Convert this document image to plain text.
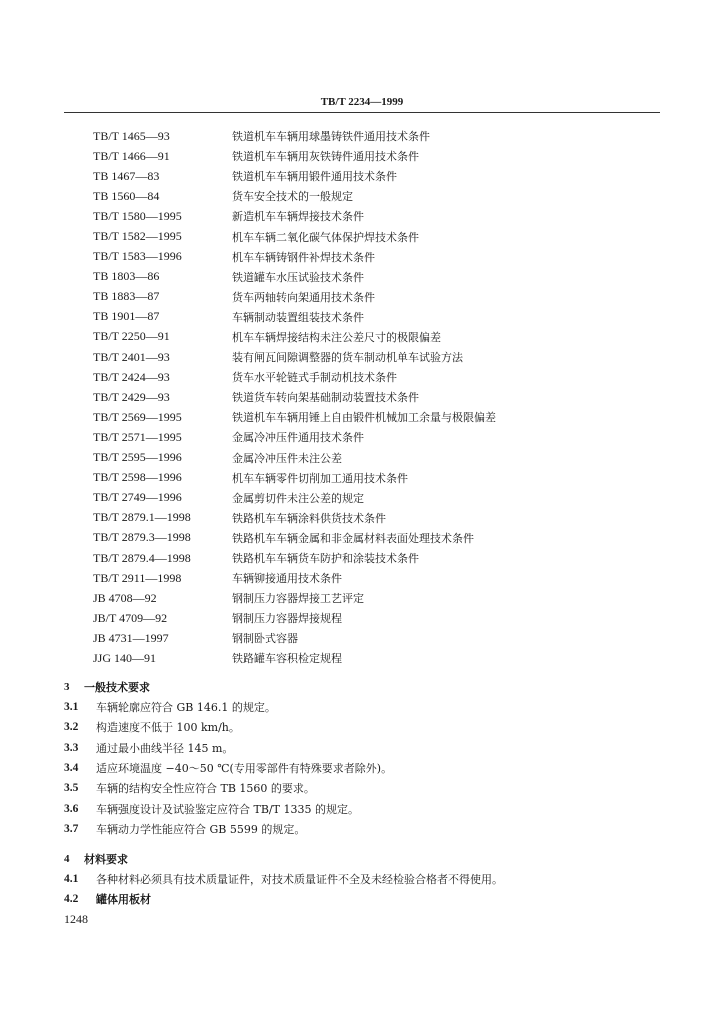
TB/T 2234—1999
TB/T 1465—93	铁道机车车辆用球墨铸铁件通用技术条件
TB/T 1466—91	铁道机车车辆用灰铁铸件通用技术条件
TB 1467—83	铁道机车车辆用锻件通用技术条件
TB 1560—84	货车安全技术的一般规定
TB/T 1580—1995	新造机车车辆焊接技术条件
TB/T 1582—1995	机车车辆二氧化碳气体保护焊技术条件
TB/T 1583—1996	机车车辆铸钢件补焊技术条件
TB 1803—86	铁道罐车水压试验技术条件
TB 1883—87	货车两轴转向架通用技术条件
TB 1901—87	车辆制动装置组装技术条件
TB/T 2250—91	机车车辆焊接结构未注公差尺寸的极限偏差
TB/T 2401—93	装有闸瓦间隙调整器的货车制动机单车试验方法
TB/T 2424—93	货车水平轮链式手制动机技术条件
TB/T 2429—93	铁道货车转向架基础制动装置技术条件
TB/T 2569—1995	铁道机车车辆用锤上自由锻件机械加工余量与极限偏差
TB/T 2571—1995	金属冷冲压件通用技术条件
TB/T 2595—1996	金属冷冲压件未注公差
TB/T 2598—1996	机车车辆零件切削加工通用技术条件
TB/T 2749—1996	金属剪切件未注公差的规定
TB/T 2879.1—1998	铁路机车车辆涂料供货技术条件
TB/T 2879.3—1998	铁路机车车辆金属和非金属材料表面处理技术条件
TB/T 2879.4—1998	铁路机车车辆货车防护和涂装技术条件
TB/T 2911—1998	车辆铆接通用技术条件
JB 4708—92	钢制压力容器焊接工艺评定
JB/T 4709—92	钢制压力容器焊接规程
JB 4731—1997	钢制卧式容器
JJG 140—91	铁路罐车容积检定规程
3	一般技术要求
3.1	车辆轮廓应符合 GB 146.1 的规定。
3.2	构造速度不低于 100 km/h。
3.3	通过最小曲线半径 145 m。
3.4	适应环境温度 −40～50 ℃(专用零部件有特殊要求者除外)。
3.5	车辆的结构安全性应符合 TB 1560 的要求。
3.6	车辆强度设计及试验鉴定应符合 TB/T 1335 的规定。
3.7	车辆动力学性能应符合 GB 5599 的规定。
4	材料要求
4.1	各种材料必须具有技术质量证件，对技术质量证件不全及未经检验合格者不得使用。
4.2	罐体用板材
1248
